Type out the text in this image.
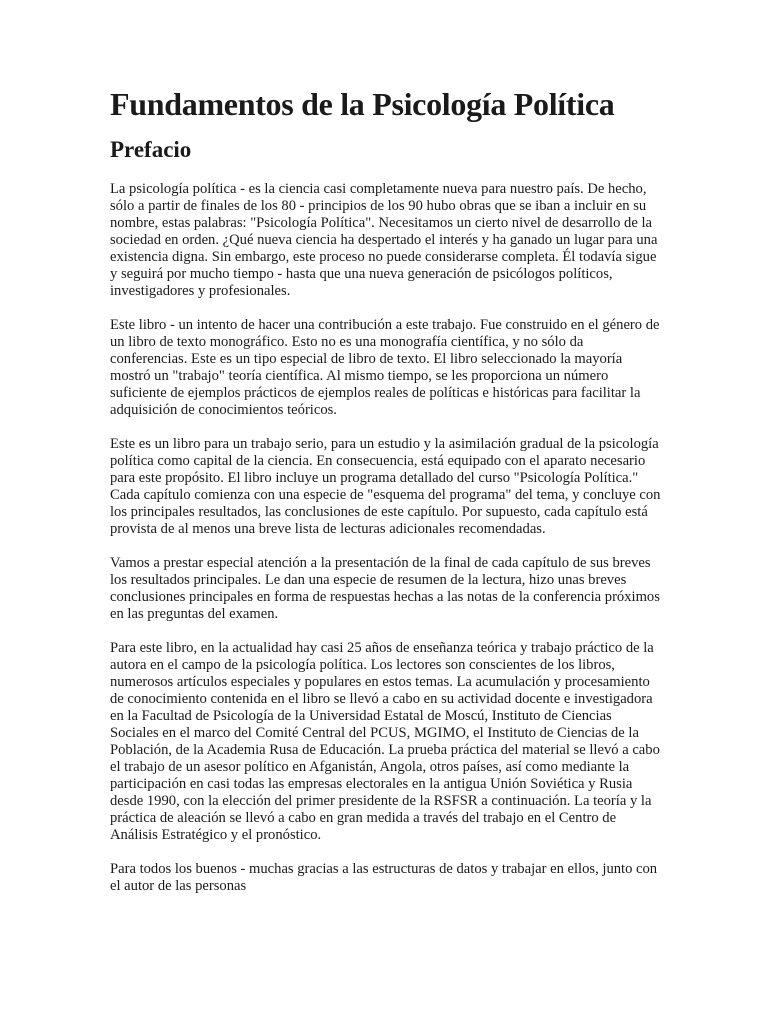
Fundamentos de la Psicología Política
Prefacio

La psicología política - es la ciencia casi completamente nueva para nuestro país. De hecho, sólo a partir de finales de los 80 - principios de los 90 hubo obras que se iban a incluir en su nombre, estas palabras: "Psicología Política". Necesitamos un cierto nivel de desarrollo de la sociedad en orden. ¿Qué nueva ciencia ha despertado el interés y ha ganado un lugar para una existencia digna. Sin embargo, este proceso no puede considerarse completa. Él todavía sigue y seguirá por mucho tiempo - hasta que una nueva generación de psicólogos políticos, investigadores y profesionales.

Este libro - un intento de hacer una contribución a este trabajo. Fue construido en el género de un libro de texto monográfico. Esto no es una monografía científica, y no sólo da conferencias. Este es un tipo especial de libro de texto. El libro seleccionado la mayoría mostró un "trabajo" teoría científica. Al mismo tiempo, se les proporciona un número suficiente de ejemplos prácticos de ejemplos reales de políticas e históricas para facilitar la adquisición de conocimientos teóricos.

Este es un libro para un trabajo serio, para un estudio y la asimilación gradual de la psicología política como capital de la ciencia. En consecuencia, está equipado con el aparato necesario para este propósito. El libro incluye un programa detallado del curso "Psicología Política." Cada capítulo comienza con una especie de "esquema del programa" del tema, y concluye con los principales resultados, las conclusiones de este capítulo. Por supuesto, cada capítulo está provista de al menos una breve lista de lecturas adicionales recomendadas.

Vamos a prestar especial atención a la presentación de la final de cada capítulo de sus breves los resultados principales. Le dan una especie de resumen de la lectura, hizo unas breves conclusiones principales en forma de respuestas hechas a las notas de la conferencia próximos en las preguntas del examen.

Para este libro, en la actualidad hay casi 25 años de enseñanza teórica y trabajo práctico de la autora en el campo de la psicología política. Los lectores son conscientes de los libros, numerosos artículos especiales y populares en estos temas. La acumulación y procesamiento de conocimiento contenida en el libro se llevó a cabo en su actividad docente e investigadora en la Facultad de Psicología de la Universidad Estatal de Moscú, Instituto de Ciencias Sociales en el marco del Comité Central del PCUS, MGIMO, el Instituto de Ciencias de la Población, de la Academia Rusa de Educación. La prueba práctica del material se llevó a cabo el trabajo de un asesor político en Afganistán, Angola, otros países, así como mediante la participación en casi todas las empresas electorales en la antigua Unión Soviética y Rusia desde 1990, con la elección del primer presidente de la RSFSR a continuación. La teoría y la práctica de aleación se llevó a cabo en gran medida a través del trabajo en el Centro de Análisis Estratégico y el pronóstico.

Para todos los buenos - muchas gracias a las estructuras de datos y trabajar en ellos, junto con el autor de las personas
